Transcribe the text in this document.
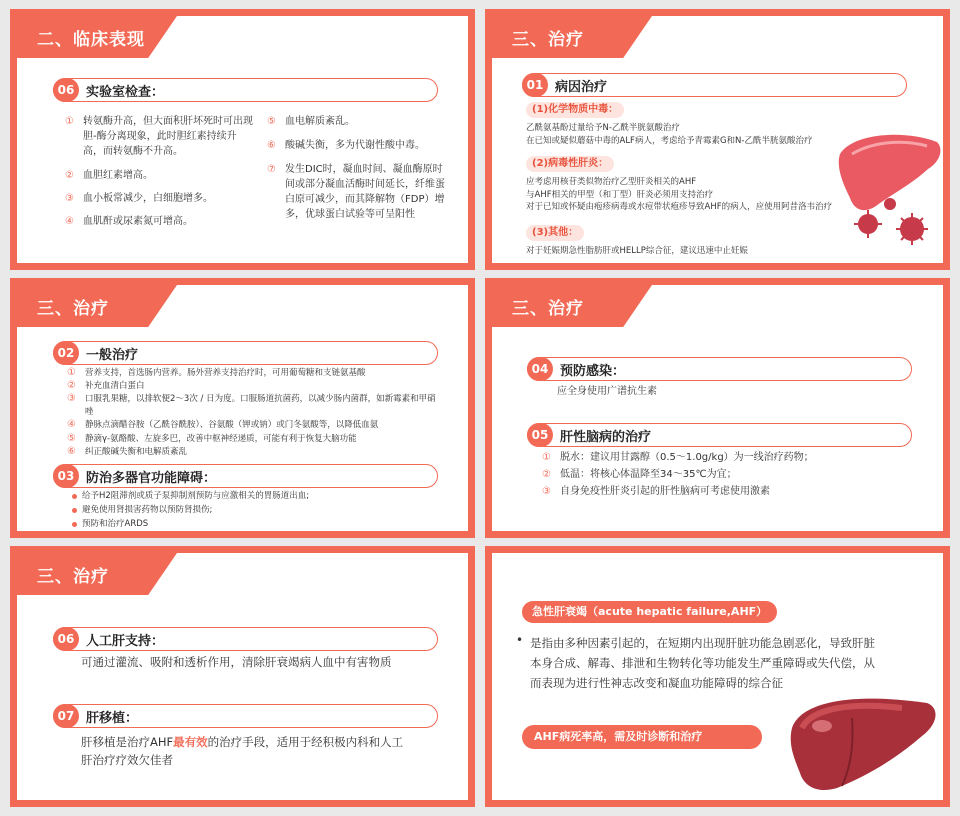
二、临床表现
06 实验室检查：
① 转氨酶升高，但大面积肝坏死时可出现胆-酶分离现象，此时胆红素持续升高，而转氨酶不升高。
② 血胆红素增高。
③ 血小板常减少，白细胞增多。
④ 血肌酐或尿素氮可增高。
⑤ 血电解质紊乱。
⑥ 酸碱失衡，多为代谢性酸中毒。
⑦ 发生DIC时，凝血时间、凝血酶原时间或部分凝血活酶时间延长，纤维蛋白原可减少，而其降解物（FDP）增多，优球蛋白试验等可呈阳性
三、治疗
01 病因治疗
(1)化学物质中毒：
乙酰氨基酚过量给予N-乙酰半胱氨酸治疗
在已知或疑似蘑菇中毒的ALF病人，考虑给予青霉素G和N-乙酰半胱氨酸治疗
(2)病毒性肝炎：
应考虑用核苷类似物治疗乙型肝炎相关的AHF
与AHF相关的甲型（和丁型）肝炎必须用支持治疗
对于已知或怀疑由疱疹病毒或水痘带状疱疹导致AHF的病人，应使用阿昔洛韦治疗
(3)其他：
对于妊娠期急性脂肪肝或HELLP综合征，建议迅速中止妊娠
三、治疗
02 一般治疗
①	营养支持，首选肠内营养。肠外营养支持治疗时，可用葡萄糖和支链氨基酸
②	补充血清白蛋白
③	口服乳果糖，以排软便2～3次 / 日为度。口服肠道抗菌药，以减少肠内菌群，如新霉素和甲硝唑
④	静脉点滴醋谷胺（乙酰谷酰胺）、谷氨酸（钾或钠）或门冬氨酸等，以降低血氨
⑤	静滴γ-氨酪酸、左旋多巴，改善中枢神经递质，可能有利于恢复大脑功能
⑥	纠正酸碱失衡和电解质紊乱
03 防治多器官功能障碍：
给予H2阻滞剂或质子泵抑制剂预防与应激相关的胃肠道出血;
避免使用肾损害药物以预防肾损伤;
预防和治疗ARDS
三、治疗
04 预防感染：
应全身使用广谱抗生素
05 肝性脑病的治疗
① 脱水：建议用甘露醇（0.5～1.0g/kg）为一线治疗药物；
② 低温：将核心体温降至34～35℃为宜；
③ 自身免疫性肝炎引起的肝性脑病可考虑使用激素
三、治疗
06 人工肝支持：
可通过灌流、吸附和透析作用，清除肝衰竭病人血中有害物质
07 肝移植：
肝移植是治疗AHF最有效的治疗手段，适用于经积极内科和人工
肝治疗疗效欠佳者
急性肝衰竭（acute hepatic failure,AHF）
• 是指由多种因素引起的，在短期内出现肝脏功能急剧恶化，导致肝脏
本身合成、解毒、排泄和生物转化等功能发生严重障碍或失代偿，从
而表现为进行性神志改变和凝血功能障碍的综合征
AHF病死率高，需及时诊断和治疗
